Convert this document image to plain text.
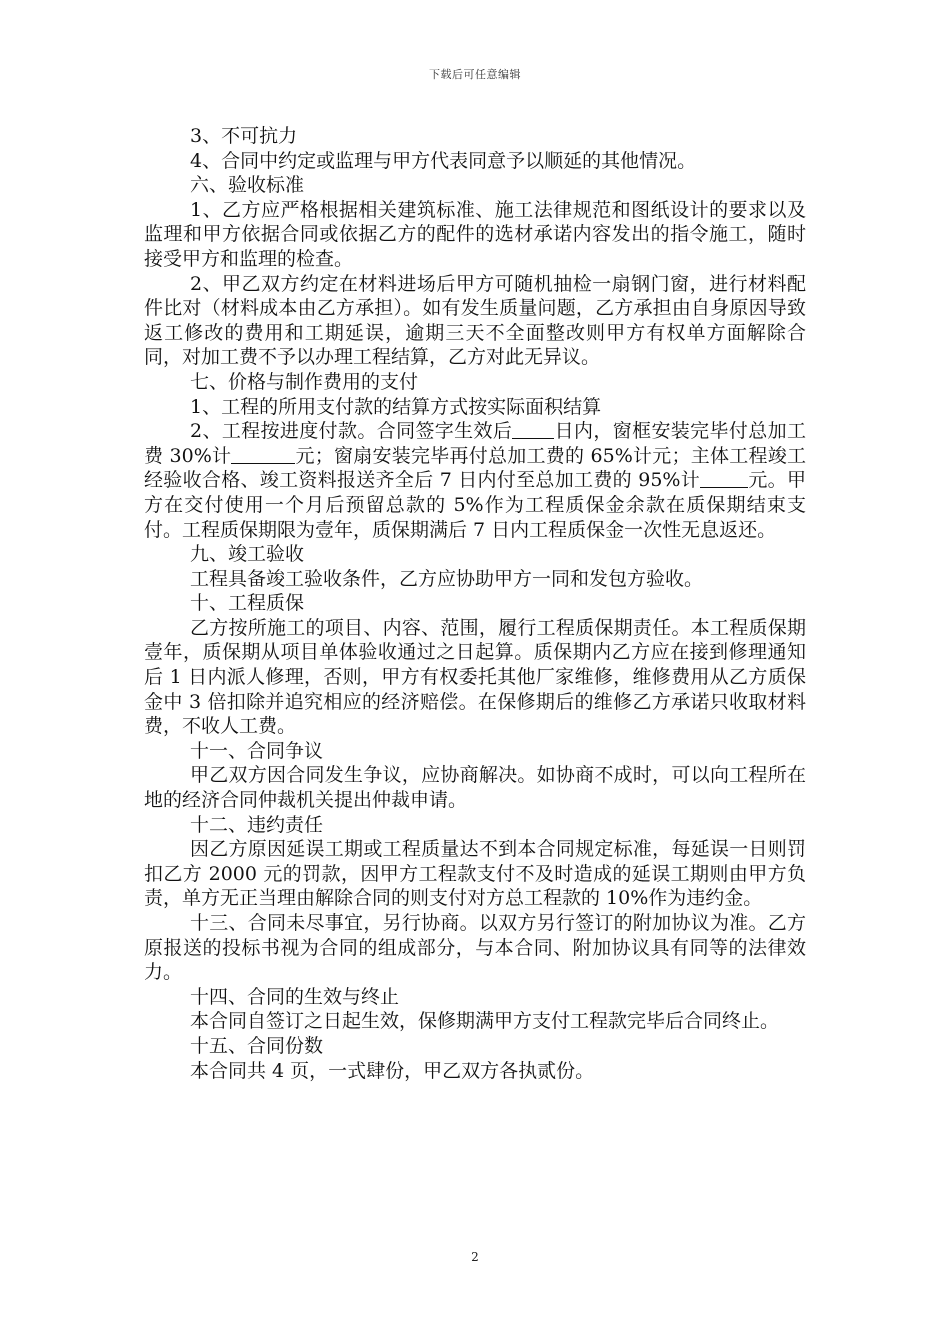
下载后可任意编辑

3、不可抗力

4、合同中约定或监理与甲方代表同意予以顺延的其他情况。

六、验收标准

1、乙方应严格根据相关建筑标准、施工法律规范和图纸设计的要求以及监理和甲方依据合同或依据乙方的配件的选材承诺内容发出的指令施工，随时接受甲方和监理的检查。

2、甲乙双方约定在材料进场后甲方可随机抽检一扇钢门窗，进行材料配件比对（材料成本由乙方承担）。如有发生质量问题，乙方承担由自身原因导致返工修改的费用和工期延误，逾期三天不全面整改则甲方有权单方面解除合同，对加工费不予以办理工程结算，乙方对此无异议。

七、价格与制作费用的支付

1、工程的所用支付款的结算方式按实际面积结算

2、工程按进度付款。合同签字生效后 日内，窗框安装完毕付总加工费 30%计	元；窗扇安装完毕再付总加工费的 65%计元；主体工程竣工经验收合格、竣工资料报送齐全后 7 日内付至总加工费的 95%计	元。甲方在交付使用一个月后预留总款的 5%作为工程质保金余款在质保期结束支付。工程质保期限为壹年，质保期满后 7 日内工程质保金一次性无息返还。

九、竣工验收

工程具备竣工验收条件，乙方应协助甲方一同和发包方验收。

十、工程质保

乙方按所施工的项目、内容、范围，履行工程质保期责任。本工程质保期壹年，质保期从项目单体验收通过之日起算。质保期内乙方应在接到修理通知后 1 日内派人修理，否则，甲方有权委托其他厂家维修，维修费用从乙方质保金中 3 倍扣除并追究相应的经济赔偿。在保修期后的维修乙方承诺只收取材料费，不收人工费。

十一、合同争议

甲乙双方因合同发生争议，应协商解决。如协商不成时，可以向工程所在地的经济合同仲裁机关提出仲裁申请。

十二、违约责任

因乙方原因延误工期或工程质量达不到本合同规定标准，每延误一日则罚扣乙方 2000 元的罚款，因甲方工程款支付不及时造成的延误工期则由甲方负责，单方无正当理由解除合同的则支付对方总工程款的 10%作为违约金。

十三、合同未尽事宜，另行协商。以双方另行签订的附加协议为准。乙方原报送的投标书视为合同的组成部分，与本合同、附加协议具有同等的法律效力。

十四、合同的生效与终止

本合同自签订之日起生效，保修期满甲方支付工程款完毕后合同终止。

十五、合同份数

本合同共 4 页，一式肆份，甲乙双方各执贰份。

2
